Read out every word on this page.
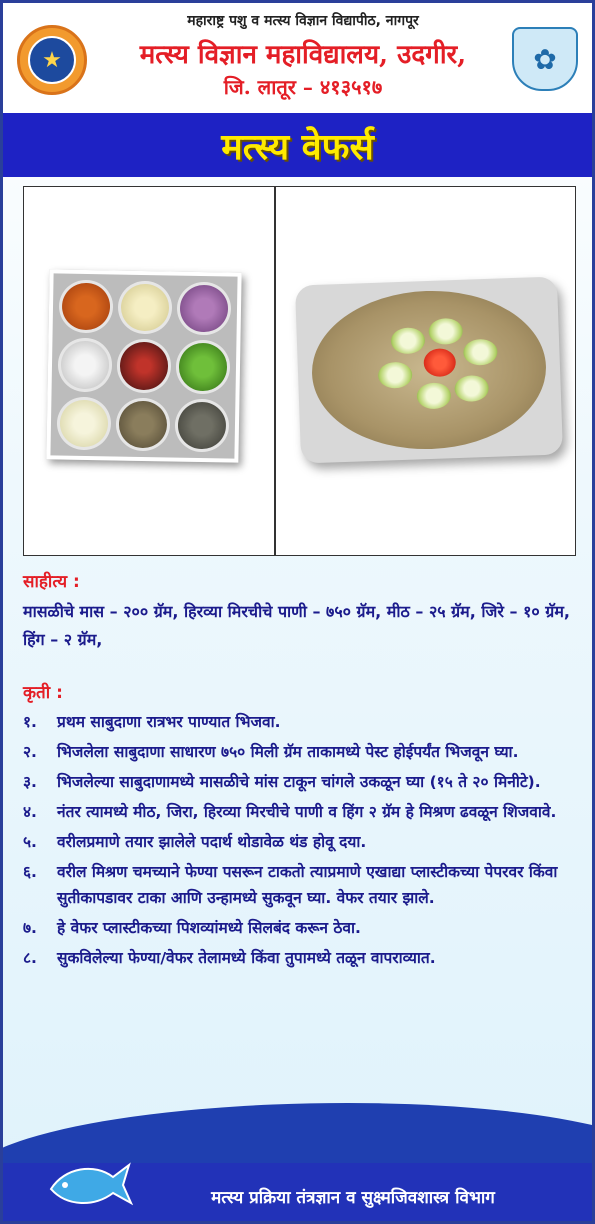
★
महाराष्ट्र पशु व मत्स्य विज्ञान विद्यापीठ, नागपूर
मत्स्य विज्ञान महाविद्यालय, उदगीर,
जि. लातूर – ४१३५१७
✿
मत्स्य वेफर्स
साहीत्य :
मासळीचे मास – २०० ग्रॅम, हिरव्या मिरचीचे पाणी – ७५० ग्रॅम, मीठ – २५ ग्रॅम, जिरे – १० ग्रॅम, हिंग – २ ग्रॅम,
कृती :
१.	प्रथम साबुदाणा रात्रभर पाण्यात भिजवा.
२.	भिजलेला साबुदाणा साधारण ७५० मिली ग्रॅम ताकामध्ये पेस्ट होईपर्यंत भिजवून घ्या.
३.	भिजलेल्या साबुदाणामध्ये मासळीचे मांस टाकून चांगले उकळून घ्या (१५ ते २० मिनीटे).
४.	नंतर त्यामध्ये मीठ, जिरा, हिरव्या मिरचीचे पाणी व हिंग २ ग्रॅम हे मिश्रण ढवळून शिजवावे.
५.	वरीलप्रमाणे तयार झालेले पदार्थ थोडावेळ थंड होवू दया.
६.	वरील मिश्रण चमच्याने फेण्या पसरून टाकतो त्याप्रमाणे एखाद्या प्लास्टीकच्या पेपरवर किंवा सुतीकापडावर टाका आणि उन्हामध्ये सुकवून घ्या. वेफर तयार झाले.
७.	हे वेफर प्लास्टीकच्या पिशव्यांमध्ये सिलबंद करून ठेवा.
८.	सुकविलेल्या फेण्या/वेफर तेलामध्ये किंवा तुपामध्ये तळून वापराव्यात.
मत्स्य प्रक्रिया तंत्रज्ञान व सुक्ष्मजिवशास्त्र विभाग
